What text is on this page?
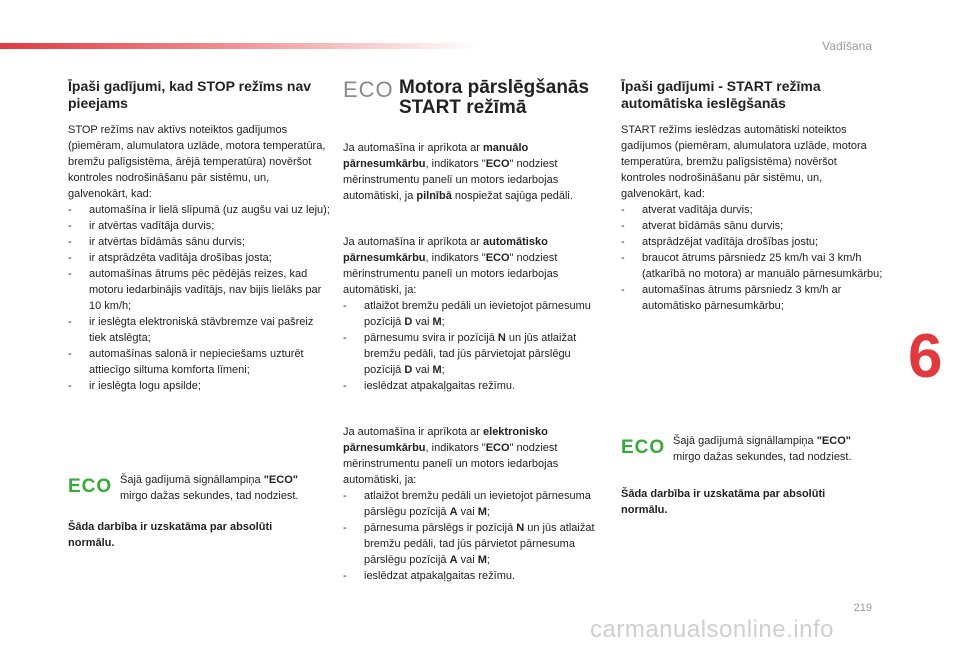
Vadīšana
6
Īpaši gadījumi, kad STOP režīms nav pieejams

STOP režīms nav aktīvs noteiktos gadījumos (piemēram, alumulatora uzlāde, motora temperatūra, bremžu palīgsistēma, ārējā temperatūra) novēršot kontroles nodrošināšanu pār sistēmu, un, galvenokārt, kad:

- automašīna ir lielā slīpumā (uz augšu vai uz leju);
- ir atvērtas vadītāja durvis;
- ir atvērtas bīdāmās sānu durvis;
- ir atsprādzēta vadītāja drošības josta;
- automašīnas ātrums pēc pēdējās reizes, kad motoru iedarbinājis vadītājs, nav bijis lielāks par 10 km/h;
- ir ieslēgta elektroniskā stāvbremze vai pašreiz tiek atslēgta;
- automašīnas salonā ir nepieciešams uzturēt attiecīgo siltuma komforta līmeni;
- ir ieslēgta logu apsilde;
ECO Šajā gadījumā signāllampiņa "ECO" mirgo dažas sekundes, tad nodziest.
Šāda darbība ir uzskatāma par absolūti normālu.
ECO Motora pārslēgšanās START režīmā

Ja automašīna ir aprīkota ar manuālo pārnesumkārbu, indikators "ECO" nodziest mērinstrumentu panelī un motors iedarbojas automātiski, ja pilnībā nospiežat sajūga pedāli.

Ja automašīna ir aprīkota ar automātisko pārnesumkārbu, indikators "ECO" nodziest mērinstrumentu panelī un motors iedarbojas automātiski, ja:

- atlaižot bremžu pedāli un ievietojot pārnesumu pozīcijā D vai M;
- pārnesumu svira ir pozīcijā N un jūs atlaižat bremžu pedāli, tad jūs pārvietojat pārslēgu pozīcijā D vai M;
- ieslēdzat atpakaļgaitas režīmu.

Ja automašīna ir aprīkota ar elektronisko pārnesumkārbu, indikators "ECO" nodziest mērinstrumentu panelī un motors iedarbojas automātiski, ja:

- atlaižot bremžu pedāli un ievietojot pārnesuma pārslēgu pozīcijā A vai M;
- pārnesuma pārslēgs ir pozīcijā N un jūs atlaižat bremžu pedāli, tad jūs pārvietot pārnesuma pārslēgu pozīcijā A vai M;
- ieslēdzat atpakaļgaitas režīmu.
Īpaši gadījumi - START režīma automātiska ieslēgšanās

START režīms ieslēdzas automātiski noteiktos gadījumos (piemēram, alumulatora uzlāde, motora temperatūra, bremžu palīgsistēma) novēršot kontroles nodrošināšanu pār sistēmu, un, galvenokārt, kad:

- atverat vadītāja durvis;
- atverat bīdāmās sānu durvis;
- atsprādzējat vadītāja drošības jostu;
- braucot ātrums pārsniedz 25 km/h vai 3 km/h (atkarībā no motora) ar manuālo pārnesumkārbu;
- automašīnas ātrums pārsniedz 3 km/h ar automātisko pārnesumkārbu;
ECO Šajā gadījumā signāllampiņa "ECO" mirgo dažas sekundes, tad nodziest.
Šāda darbība ir uzskatāma par absolūti normālu.
219
carmanualsonline.info
